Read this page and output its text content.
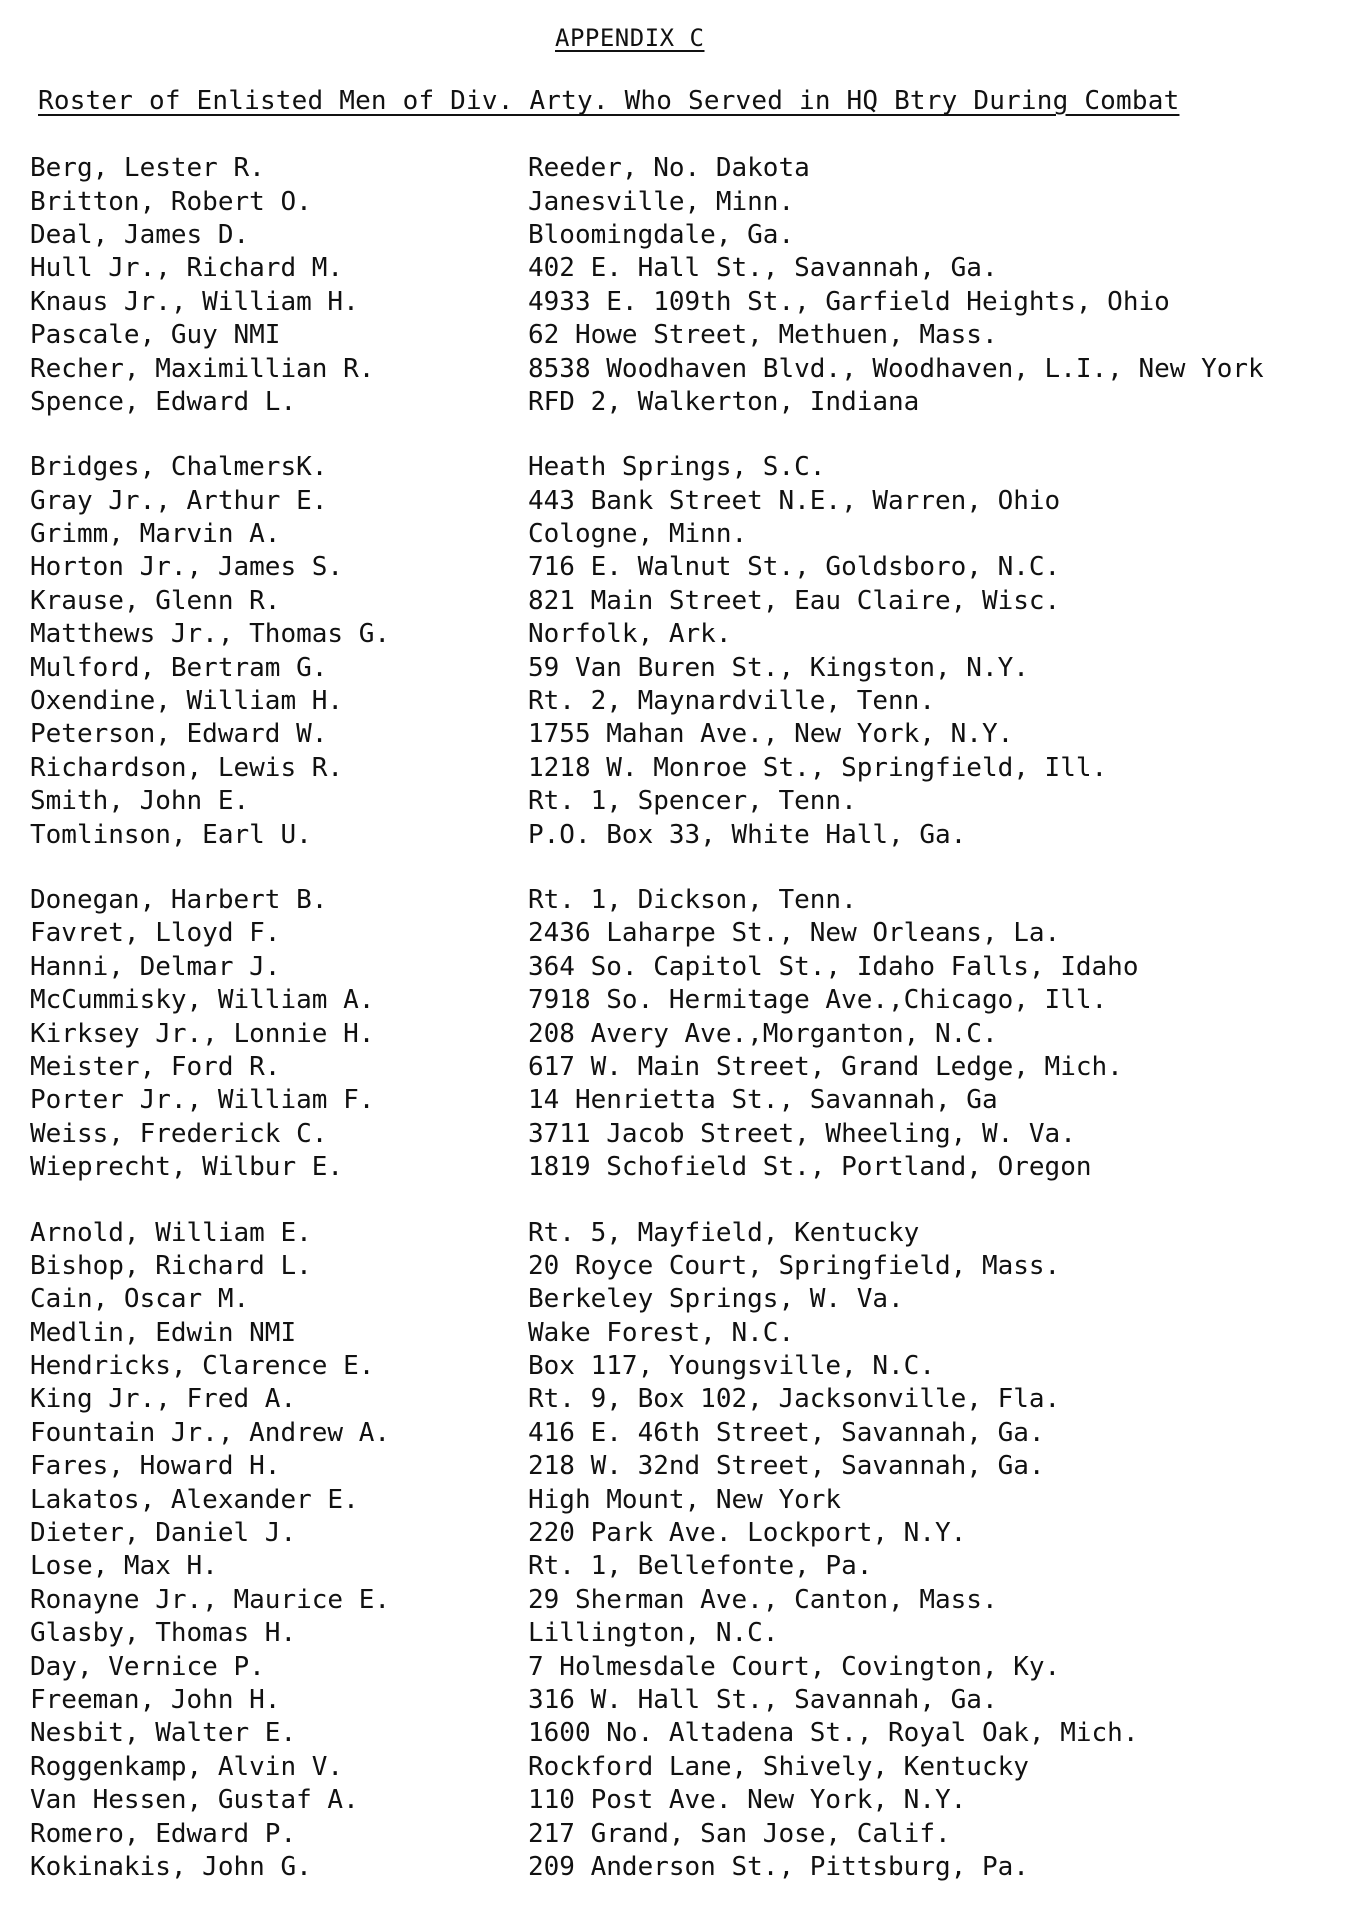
APPENDIX C
Roster of Enlisted Men of Div. Arty. Who Served in HQ Btry During Combat
Berg, Lester R.	Reeder, No. Dakota
Britton, Robert O.	Janesville, Minn.
Deal, James D.	Bloomingdale, Ga.
Hull Jr., Richard M.	402 E. Hall St., Savannah, Ga.
Knaus Jr., William H.	4933 E. 109th St., Garfield Heights, Ohio
Pascale, Guy NMI	62 Howe Street, Methuen, Mass.
Recher, Maximillian R.	8538 Woodhaven Blvd., Woodhaven, L.I., New York
Spence, Edward L.	RFD 2, Walkerton, Indiana
Bridges, ChalmersK.	Heath Springs, S.C.
Gray Jr., Arthur E.	443 Bank Street N.E., Warren, Ohio
Grimm, Marvin A.	Cologne, Minn.
Horton Jr., James S.	716 E. Walnut St., Goldsboro, N.C.
Krause, Glenn R.	821 Main Street, Eau Claire, Wisc.
Matthews Jr., Thomas G.	Norfolk, Ark.
Mulford, Bertram G.	59 Van Buren St., Kingston, N.Y.
Oxendine, William H.	Rt. 2, Maynardville, Tenn.
Peterson, Edward W.	1755 Mahan Ave., New York, N.Y.
Richardson, Lewis R.	1218 W. Monroe St., Springfield, Ill.
Smith, John E.	Rt. 1, Spencer, Tenn.
Tomlinson, Earl U.	P.O. Box 33, White Hall, Ga.
Donegan, Harbert B.	Rt. 1, Dickson, Tenn.
Favret, Lloyd F.	2436 Laharpe St., New Orleans, La.
Hanni, Delmar J.	364 So. Capitol St., Idaho Falls, Idaho
McCummisky, William A.	7918 So. Hermitage Ave.,Chicago, Ill.
Kirksey Jr., Lonnie H.	208 Avery Ave.,Morganton, N.C.
Meister, Ford R.	617 W. Main Street, Grand Ledge, Mich.
Porter Jr., William F.	14 Henrietta St., Savannah, Ga
Weiss, Frederick C.	3711 Jacob Street, Wheeling, W. Va.
Wieprecht, Wilbur E.	1819 Schofield St., Portland, Oregon
Arnold, William E.	Rt. 5, Mayfield, Kentucky
Bishop, Richard L.	20 Royce Court, Springfield, Mass.
Cain, Oscar M.	Berkeley Springs, W. Va.
Medlin, Edwin NMI	Wake Forest, N.C.
Hendricks, Clarence E.	Box 117, Youngsville, N.C.
King Jr., Fred A.	Rt. 9, Box 102, Jacksonville, Fla.
Fountain Jr., Andrew A.	416 E. 46th Street, Savannah, Ga.
Fares, Howard H.	218 W. 32nd Street, Savannah, Ga.
Lakatos, Alexander E.	High Mount, New York
Dieter, Daniel J.	220 Park Ave. Lockport, N.Y.
Lose, Max H.	Rt. 1, Bellefonte, Pa.
Ronayne Jr., Maurice E.	29 Sherman Ave., Canton, Mass.
Glasby, Thomas H.	Lillington, N.C.
Day, Vernice P.	7 Holmesdale Court, Covington, Ky.
Freeman, John H.	316 W. Hall St., Savannah, Ga.
Nesbit, Walter E.	1600 No. Altadena St., Royal Oak, Mich.
Roggenkamp, Alvin V.	Rockford Lane, Shively, Kentucky
Van Hessen, Gustaf A.	110 Post Ave. New York, N.Y.
Romero, Edward P.	217 Grand, San Jose, Calif.
Kokinakis, John G.	209 Anderson St., Pittsburg, Pa.
